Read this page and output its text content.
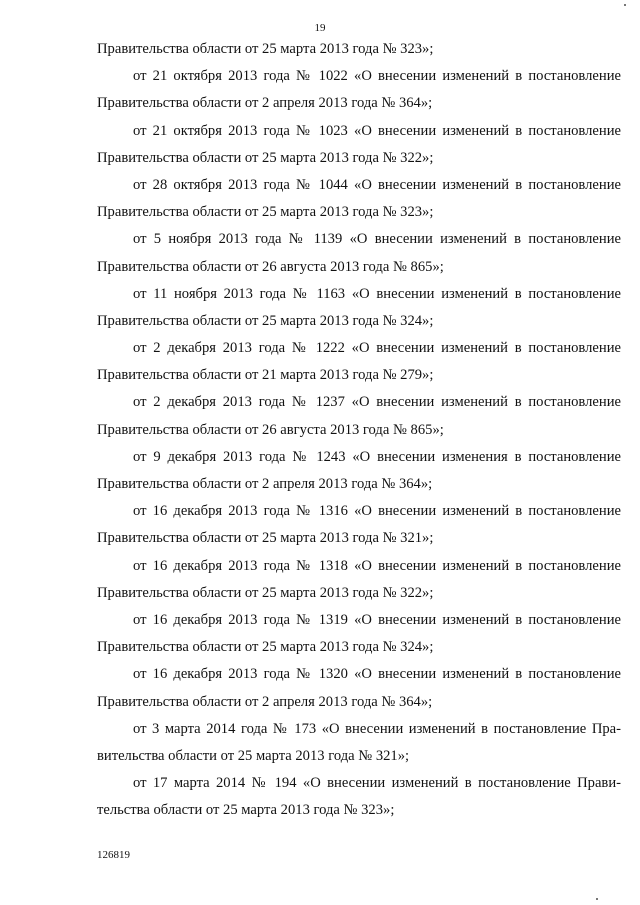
19
Правительства области от 25 марта 2013 года № 323»;
от 21 октября 2013 года № 1022 «О внесении изменений в постановление
Правительства области от 2 апреля 2013 года № 364»;
от 21 октября 2013 года № 1023 «О внесении изменений в постановление
Правительства области от 25 марта 2013 года № 322»;
от 28 октября 2013 года № 1044 «О внесении изменений в постановление
Правительства области от 25 марта 2013 года № 323»;
от 5 ноября 2013 года № 1139 «О внесении изменений в постановление
Правительства области от 26 августа 2013 года № 865»;
от 11 ноября 2013 года № 1163 «О внесении изменений в постановление
Правительства области от 25 марта 2013 года № 324»;
от 2 декабря 2013 года № 1222 «О внесении изменений в постановление
Правительства области от 21 марта 2013 года № 279»;
от 2 декабря 2013 года № 1237 «О внесении изменений в постановление
Правительства области от 26 августа 2013 года № 865»;
от 9 декабря 2013 года № 1243 «О внесении изменения в постановление
Правительства области от 2 апреля 2013 года № 364»;
от 16 декабря 2013 года № 1316 «О внесении изменений в постановление
Правительства области от 25 марта 2013 года № 321»;
от 16 декабря 2013 года № 1318 «О внесении изменений в постановление
Правительства области от 25 марта 2013 года № 322»;
от 16 декабря 2013 года № 1319 «О внесении изменений в постановление
Правительства области от 25 марта 2013 года № 324»;
от 16 декабря 2013 года № 1320 «О внесении изменений в постановление
Правительства области от 2 апреля 2013 года № 364»;
от 3 марта 2014 года № 173 «О внесении изменений в постановление Пра-
вительства области от 25 марта 2013 года № 321»;
от 17 марта 2014 № 194 «О внесении изменений в постановление Прави-
тельства области от 25 марта 2013 года № 323»;
126819
